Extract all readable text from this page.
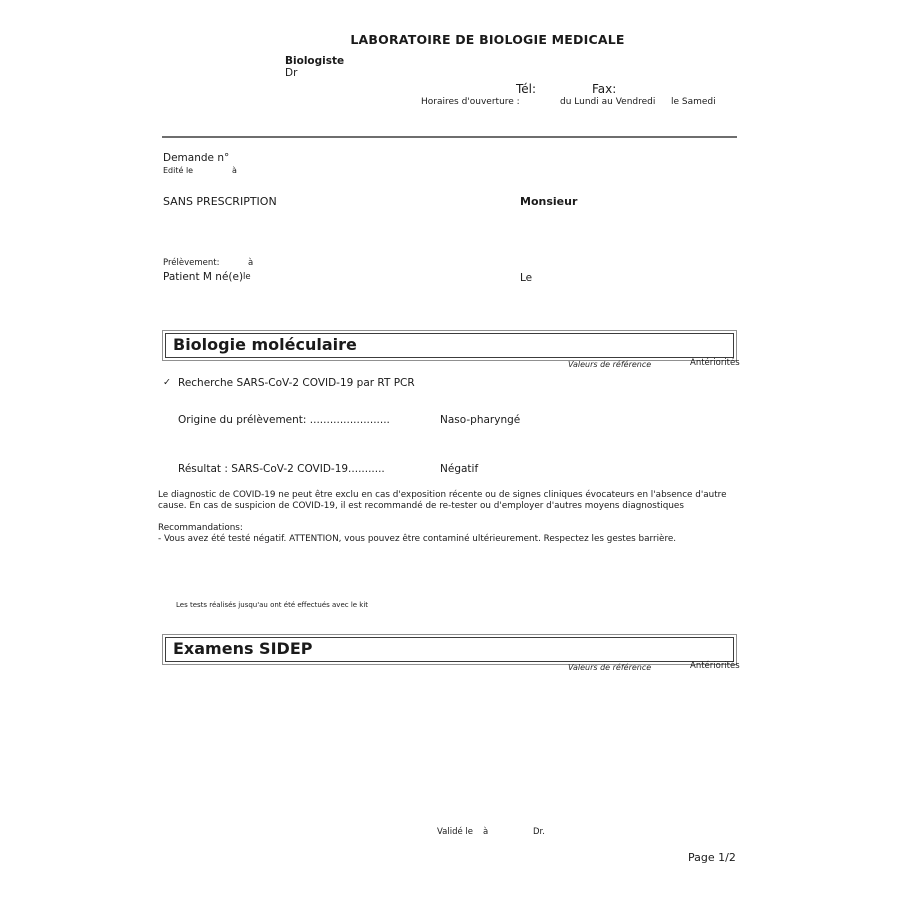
LABORATOIRE DE BIOLOGIE MEDICALE
Biologiste
Dr
Tél:	Fax:
Horaires d'ouverture :	du Lundi au Vendredi le Samedi
Demande n°
Edité le	à
SANS PRESCRIPTION	Monsieur
Prélèvement:	à
Patient M né(e) le	Le
Biologie moléculaire
Valeurs de référence	Antériorités
✓ Recherche SARS-CoV-2 COVID-19 par RT PCR
Origine du prélèvement: ........................	Naso-pharyngé
Résultat : SARS-CoV-2 COVID-19...........	Négatif
Le diagnostic de COVID-19 ne peut être exclu en cas d'exposition récente ou de signes cliniques évocateurs en l'absence d'autre cause. En cas de suspicion de COVID-19, il est recommandé de re-tester ou d'employer d'autres moyens diagnostiques
Recommandations:
- Vous avez été testé négatif. ATTENTION, vous pouvez être contaminé ultérieurement. Respectez les gestes barrière.
Les tests réalisés jusqu'au ont été effectués avec le kit
Examens SIDEP
Valeurs de référence	Antériorités
Validé le à	Dr.
Page 1/2
